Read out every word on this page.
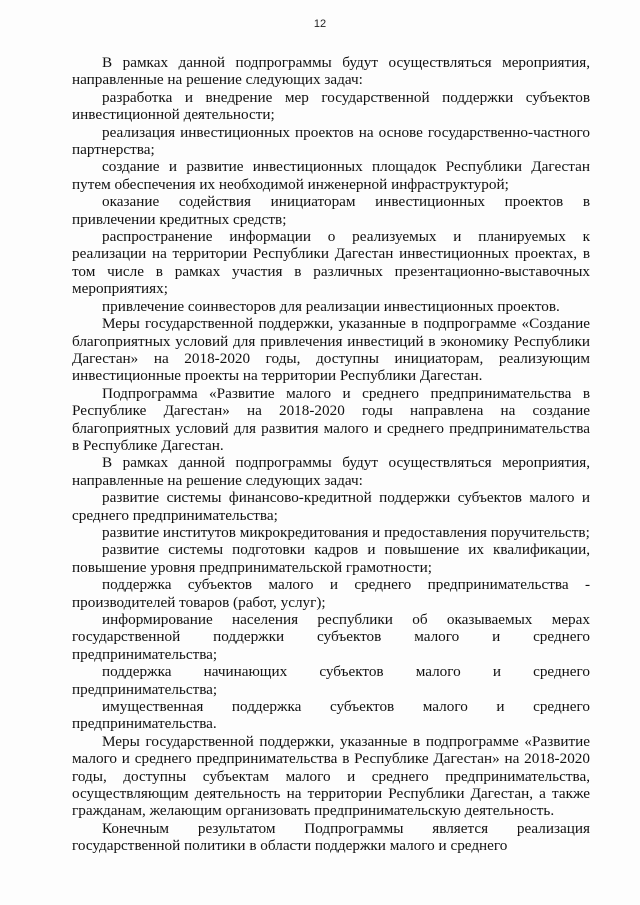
12

В рамках данной подпрограммы будут осуществляться мероприятия, направленные на решение следующих задач:

разработка и внедрение мер государственной поддержки субъектов инвестиционной деятельности;

реализация инвестиционных проектов на основе государственно-частного партнерства;

создание и развитие инвестиционных площадок Республики Дагестан путем обеспечения их необходимой инженерной инфраструктурой;

оказание содействия инициаторам инвестиционных проектов в привлечении кредитных средств;

распространение информации о реализуемых и планируемых к реализации на территории Республики Дагестан инвестиционных проектах, в том числе в рамках участия в различных презентационно-выставочных мероприятиях;

привлечение соинвесторов для реализации инвестиционных проектов.

Меры государственной поддержки, указанные в подпрограмме «Создание благоприятных условий для привлечения инвестиций в экономику Республики Дагестан» на 2018-2020 годы, доступны инициаторам, реализующим инвестиционные проекты на территории Республики Дагестан.

Подпрограмма «Развитие малого и среднего предпринимательства в Республике Дагестан» на 2018-2020 годы направлена на создание благоприятных условий для развития малого и среднего предпринимательства в Республике Дагестан.

В рамках данной подпрограммы будут осуществляться мероприятия, направленные на решение следующих задач:

развитие системы финансово-кредитной поддержки субъектов малого и среднего предпринимательства;

развитие институтов микрокредитования и предоставления поручительств;

развитие системы подготовки кадров и повышение их квалификации, повышение уровня предпринимательской грамотности;

поддержка субъектов малого и среднего предпринимательства - производителей товаров (работ, услуг);

информирование населения республики об оказываемых мерах государственной поддержки субъектов малого и среднего предпринимательства;

поддержка начинающих субъектов малого и среднего предпринимательства;

имущественная поддержка субъектов малого и среднего предпринимательства.

Меры государственной поддержки, указанные в подпрограмме «Развитие малого и среднего предпринимательства в Республике Дагестан» на 2018-2020 годы, доступны субъектам малого и среднего предпринимательства, осуществляющим деятельность на территории Республики Дагестан, а также гражданам, желающим организовать предпринимательскую деятельность.

Конечным результатом Подпрограммы является реализация государственной политики в области поддержки малого и среднего
